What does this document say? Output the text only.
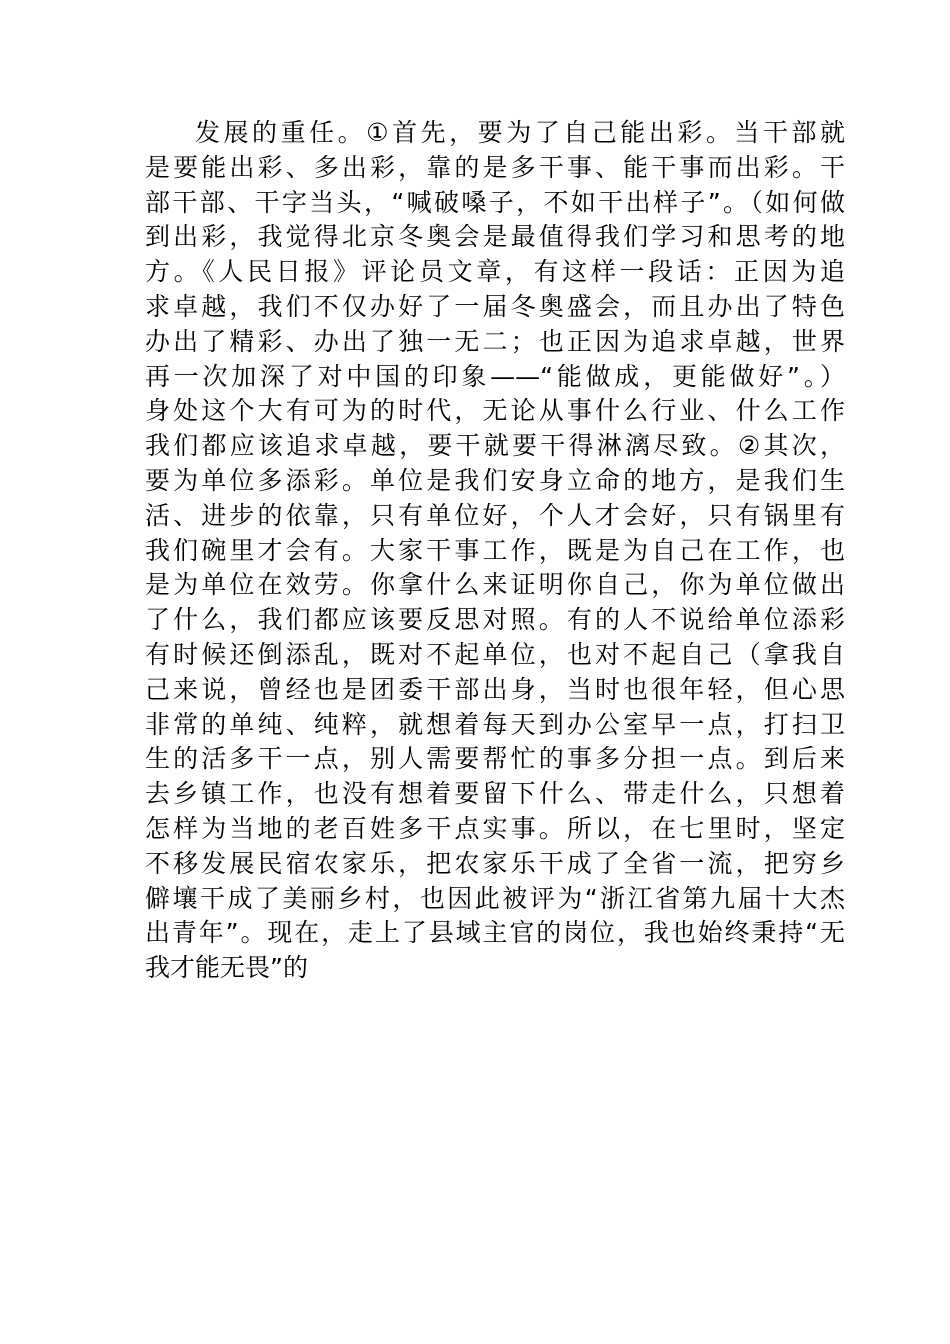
发展的重任。①首先，要为了自己能出彩。当干部就
是要能出彩、多出彩，靠的是多干事、能干事而出彩。干
部干部、干字当头，“喊破嗓子，不如干出样子”。（如何做
到出彩，我觉得北京冬奥会是最值得我们学习和思考的地
方。《人民日报》评论员文章，有这样一段话：正因为追
求卓越，我们不仅办好了一届冬奥盛会，而且办出了特色
办出了精彩、办出了独一无二；也正因为追求卓越，世界
再一次加深了对中国的印象——“能做成，更能做好”。）
身处这个大有可为的时代，无论从事什么行业、什么工作
我们都应该追求卓越，要干就要干得淋漓尽致。②其次，
要为单位多添彩。单位是我们安身立命的地方，是我们生
活、进步的依靠，只有单位好，个人才会好，只有锅里有
我们碗里才会有。大家干事工作，既是为自己在工作，也
是为单位在效劳。你拿什么来证明你自己，你为单位做出
了什么，我们都应该要反思对照。有的人不说给单位添彩
有时候还倒添乱，既对不起单位，也对不起自己（拿我自
己来说，曾经也是团委干部出身，当时也很年轻，但心思
非常的单纯、纯粹，就想着每天到办公室早一点，打扫卫
生的活多干一点，别人需要帮忙的事多分担一点。到后来
去乡镇工作，也没有想着要留下什么、带走什么，只想着
怎样为当地的老百姓多干点实事。所以，在七里时，坚定
不移发展民宿农家乐，把农家乐干成了全省一流，把穷乡
僻壤干成了美丽乡村，也因此被评为“浙江省第九届十大杰
出青年”。现在，走上了县域主官的岗位，我也始终秉持“无
我才能无畏”的
